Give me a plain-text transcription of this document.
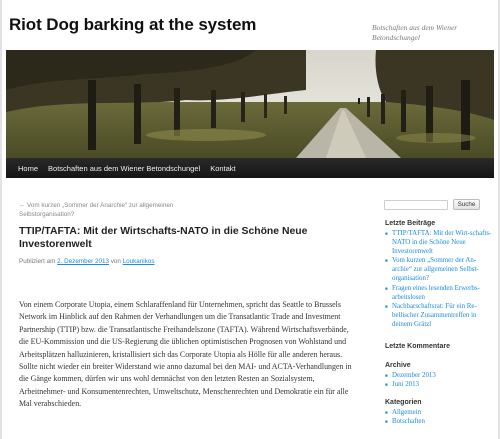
Riot Dog barking at the system	Botschaften aus dem Wiener Betondschungel
Home Botschaften aus dem Wiener Betondschungel Kontakt
← Vom kurzen „Sommer der Anarchie“ zur allgemeinen Selbstorganisation?
TTIP/TAFTA: Mit der Wirtschafts-NATO in die Schöne Neue Investorenwelt
Publiziert am 2. Dezember 2013 von Loukanikos
Von einem Corporate Utopia, einem Schlaraffenland für Unternehmen, spricht das Seattle to Brussels Network im Hinblick auf den Rahmen der Verhandlungen um die Transatlantic Trade and Investment Partnership (TTIP) bzw. die Transatlantische Freihandelszone (TAFTA). Während Wirtschaftsverbände, die EU-Kommission und die US-Regierung die üblichen optimistischen Prognosen von Wohlstand und Arbeitsplätzen halluzinieren, kristallisiert sich das Corporate Utopia als Hölle für alle anderen heraus. Sollte nicht wieder ein breiter Widerstand wie anno dazumal bei den MAI- und ACTA-Verhandlungen in die Gänge kommen, dürfen wir uns wohl demnächst von den letzten Resten an Sozialsystem, Arbeitnehmer- und Konsumentenrechten, Umweltschutz, Menschenrechten und Demokratie ein für alle Mal verabschieden.
Suche
Letzte Beiträge
■ TTIP/TAFTA: Mit der Wirt-schafts-NATO in die Schöne Neue Investorenwelt
■ Vom kurzen „Sommer der An-archie“ zur allgemeinen Selbst-organisation?
■ Fragen eines lesenden Erwerbs-arbeitslosen
■ Nachbarschaftsrat: Für ein Re-bellischer Zusammentreffen in deinem Grätzl
Letzte Kommentare
Archive
■ Dezember 2013
■ Juni 2013
Kategorien
■ Allgemein
■ Botschaften
